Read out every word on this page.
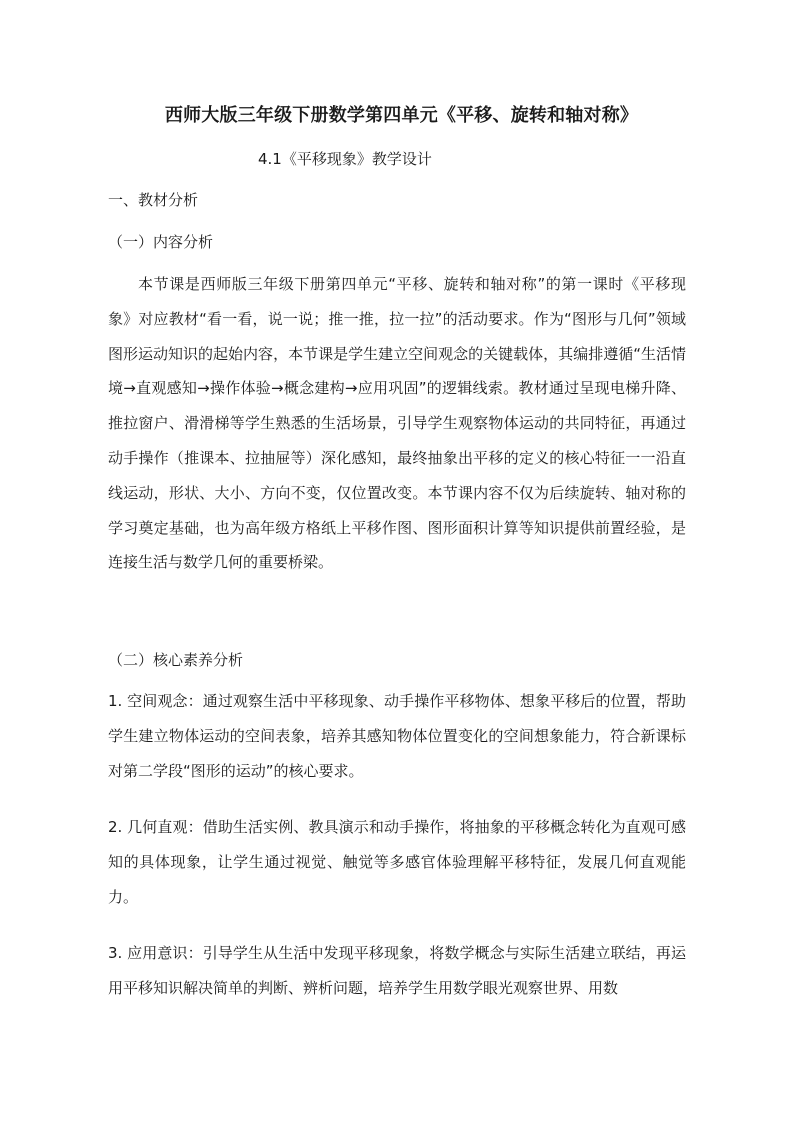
西师大版三年级下册数学第四单元《平移、旋转和轴对称》
4.1《平移现象》教学设计
一、教材分析
（一）内容分析
本节课是西师版三年级下册第四单元“平移、旋转和轴对称”的第一课时《平移现象》对应教材“看一看，说一说；推一推，拉一拉”的活动要求。作为“图形与几何”领域图形运动知识的起始内容，本节课是学生建立空间观念的关键载体，其编排遵循“生活情境→直观感知→操作体验→概念建构→应用巩固”的逻辑线索。教材通过呈现电梯升降、推拉窗户、滑滑梯等学生熟悉的生活场景，引导学生观察物体运动的共同特征，再通过动手操作（推课本、拉抽屉等）深化感知，最终抽象出平移的定义的核心特征一一沿直线运动，形状、大小、方向不变，仅位置改变。本节课内容不仅为后续旋转、轴对称的学习奠定基础，也为高年级方格纸上平移作图、图形面积计算等知识提供前置经验，是连接生活与数学几何的重要桥梁。
（二）核心素养分析
1. 空间观念：通过观察生活中平移现象、动手操作平移物体、想象平移后的位置，帮助学生建立物体运动的空间表象，培养其感知物体位置变化的空间想象能力，符合新课标对第二学段“图形的运动”的核心要求。
2. 几何直观：借助生活实例、教具演示和动手操作，将抽象的平移概念转化为直观可感知的具体现象，让学生通过视觉、触觉等多感官体验理解平移特征，发展几何直观能力。
3. 应用意识：引导学生从生活中发现平移现象，将数学概念与实际生活建立联结，再运用平移知识解决简单的判断、辨析问题，培养学生用数学眼光观察世界、用数
